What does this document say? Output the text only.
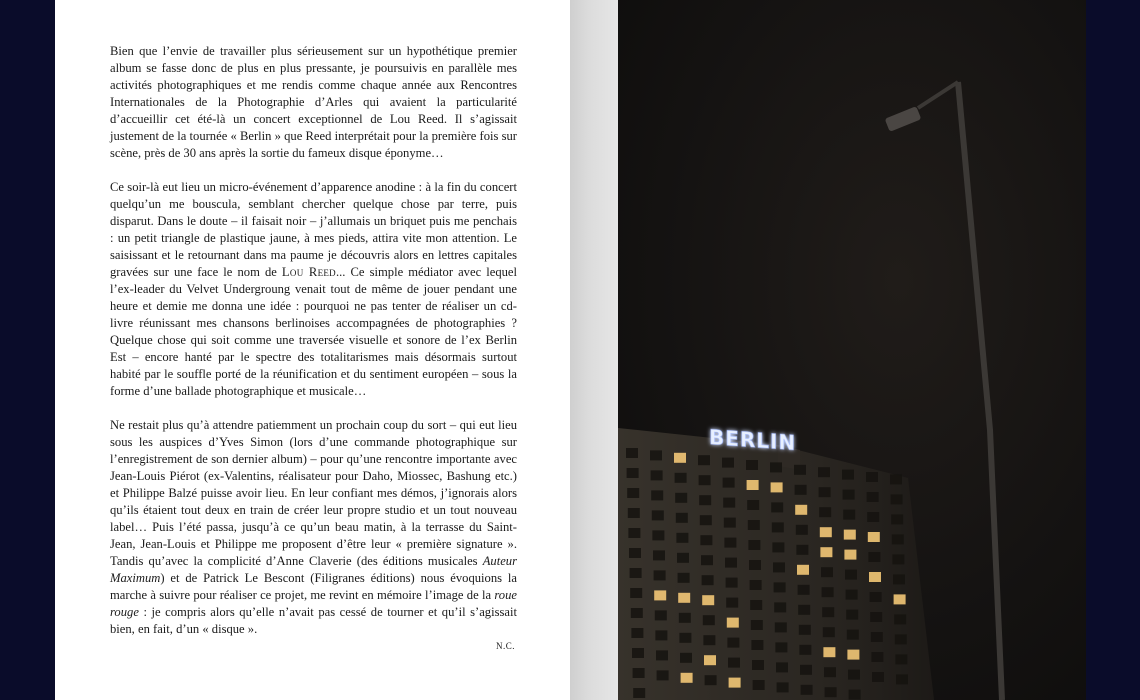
Bien que l’envie de travailler plus sérieusement sur un hypothétique premier album se fasse donc de plus en plus pressante, je poursuivis en parallèle mes activités photographiques et me rendis comme chaque année aux Rencontres Internationales de la Photographie d’Arles qui avaient la particularité d’accueillir cet été-là un concert exceptionnel de Lou Reed. Il s’agissait justement de la tournée « Berlin » que Reed interprétait pour la première fois sur scène, près de 30 ans après la sortie du fameux disque éponyme…

Ce soir-là eut lieu un micro-événement d’apparence anodine : à la fin du concert quelqu’un me bouscula, semblant chercher quelque chose par terre, puis disparut. Dans le doute – il faisait noir – j’allumais un briquet puis me penchais : un petit triangle de plastique jaune, à mes pieds, attira vite mon attention. Le saisissant et le retournant dans ma paume je découvris alors en lettres capitales gravées sur une face le nom de Lou Reed... Ce simple médiator avec lequel l’ex-leader du Velvet Undergroung venait tout de même de jouer pendant une heure et demie me donna une idée : pourquoi ne pas tenter de réaliser un cd-livre réunissant mes chansons berlinoises accompagnées de photographies ? Quelque chose qui soit comme une traversée visuelle et sonore de l’ex Berlin Est – encore hanté par le spectre des totalitarismes mais désormais surtout habité par le souffle porté de la réunification et du sentiment européen – sous la forme d’une ballade photographique et musicale…

Ne restait plus qu’à attendre patiemment un prochain coup du sort – qui eut lieu sous les auspices d’Yves Simon (lors d’une commande photographique sur l’enregistrement de son dernier album) – pour qu’une rencontre importante avec Jean-Louis Piérot (ex-Valentins, réalisateur pour Daho, Miossec, Bashung etc.) et Philippe Balzé puisse avoir lieu. En leur confiant mes démos, j’ignorais alors qu’ils étaient tout deux en train de créer leur propre studio et un tout nouveau label… Puis l’été passa, jusqu’à ce qu’un beau matin, à la terrasse du Saint-Jean, Jean-Louis et Philippe me proposent d’être leur « première signature ». Tandis qu’avec la complicité d’Anne Claverie (des éditions musicales Auteur Maximum) et de Patrick Le Bescont (Filigranes éditions) nous évoquions la marche à suivre pour réaliser ce projet, me revint en mémoire l’image de la roue rouge : je compris alors qu’elle n’avait pas cessé de tourner et qu’il s’agissait bien, en fait, d’un « disque ».

N.C.
BERLIN
